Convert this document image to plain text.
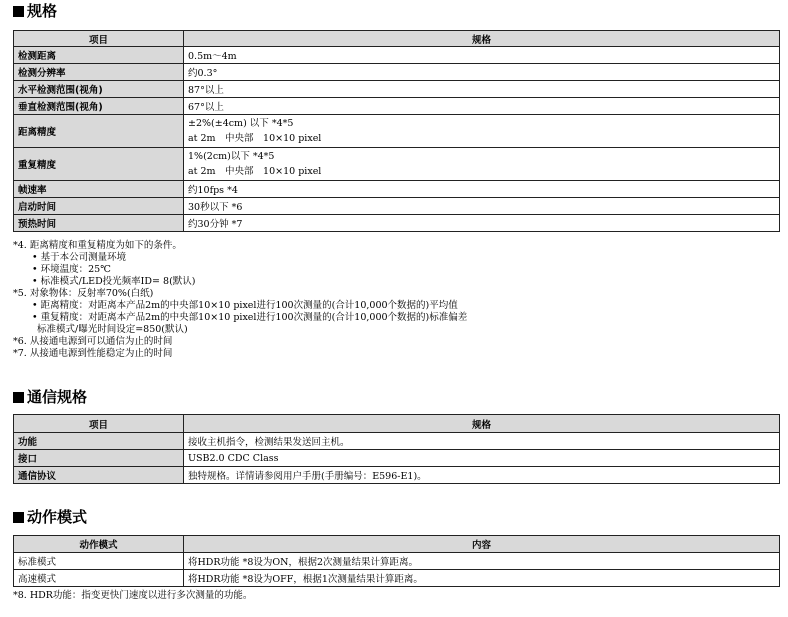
规格
项目	规格
检测距离	0.5m～4m
检测分辨率	约0.3°
水平检测范围(视角)	87°以上
垂直检测范围(视角)	67°以上
距离精度	±2%(±4cm) 以下 *4*5
at 2m　中央部　10×10 pixel

重复精度	1%(2cm)以下 *4*5
at 2m　中央部　10×10 pixel

帧速率	约10fps *4
启动时间	30秒以下 *6
预热时间	约30分钟 *7
*4. 距离精度和重复精度为如下的条件。
• 基于本公司测量环境
• 环境温度：25℃
• 标准模式/LED投光频率ID= 8(默认)
*5. 对象物体：反射率70%(白纸)
• 距离精度：对距离本产品2m的中央部10×10 pixel进行100次测量的(合计10,000个数据的)平均值
• 重复精度：对距离本产品2m的中央部10×10 pixel进行100次测量的(合计10,000个数据的)标准偏差
标准模式/曝光时间设定=850(默认)
*6. 从接通电源到可以通信为止的时间
*7. 从接通电源到性能稳定为止的时间
通信规格
项目	规格
功能	接收主机指令，检测结果发送回主机。
接口	USB2.0 CDC Class
通信协议	独特规格。详情请参阅用户手册(手册编号：E596-E1)。
动作模式
动作模式	内容
标准模式	将HDR功能 *8设为ON，根据2次测量结果计算距离。
高速模式	将HDR功能 *8设为OFF，根据1次测量结果计算距离。
*8. HDR功能：指变更快门速度以进行多次测量的功能。
